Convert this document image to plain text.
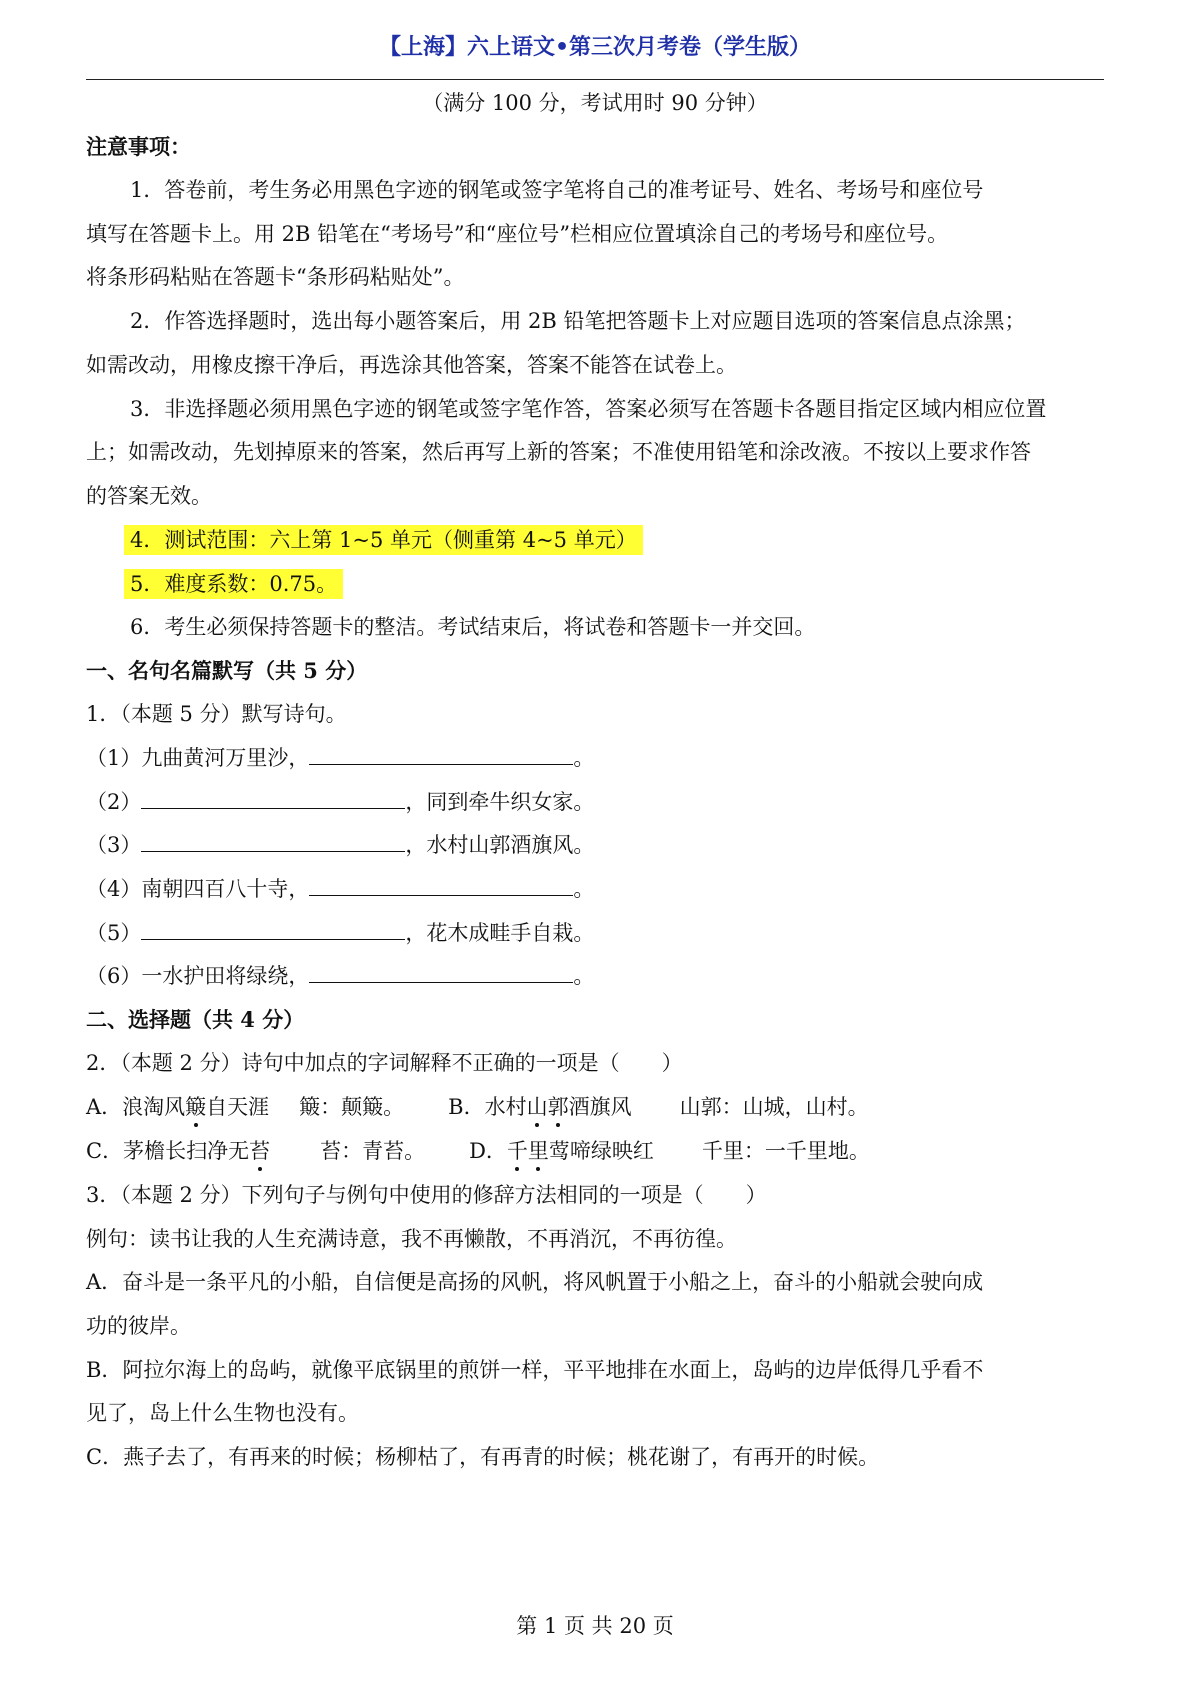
【上海】六上语文•第三次月考卷（学生版）
（满分 100 分，考试用时 90 分钟）
注意事项：
1．答卷前，考生务必用黑色字迹的钢笔或签字笔将自己的准考证号、姓名、考场号和座位号
填写在答题卡上。用 2B 铅笔在“考场号”和“座位号”栏相应位置填涂自己的考场号和座位号。
将条形码粘贴在答题卡“条形码粘贴处”。
2．作答选择题时，选出每小题答案后，用 2B 铅笔把答题卡上对应题目选项的答案信息点涂黑；
如需改动，用橡皮擦干净后，再选涂其他答案，答案不能答在试卷上。
3．非选择题必须用黑色字迹的钢笔或签字笔作答，答案必须写在答题卡各题目指定区域内相应位置
上；如需改动，先划掉原来的答案，然后再写上新的答案；不准使用铅笔和涂改液。不按以上要求作答
的答案无效。
4．测试范围：六上第 1~5 单元（侧重第 4~5 单元）
5．难度系数：0.75。
6．考生必须保持答题卡的整洁。考试结束后，将试卷和答题卡一并交回。
一、名句名篇默写（共 5 分）
1．（本题 5 分）默写诗句。
（1）九曲黄河万里沙，	。
（2）	，同到牵牛织女家。
（3）	，水村山郭酒旗风。
（4）南朝四百八十寺，	。
（5）	，花木成畦手自栽。
（6）一水护田将绿绕，	。
二、选择题（共 4 分）
2．（本题 2 分）诗句中加点的字词解释不正确的一项是（　　）
A．浪淘风簸自天涯 簸：颠簸。 B．水村山郭酒旗风 山郭：山城，山村。
C．茅檐长扫净无苔 苔：青苔。 D．千里莺啼绿映红 千里：一千里地。
3．（本题 2 分）下列句子与例句中使用的修辞方法相同的一项是（　　）
例句：读书让我的人生充满诗意，我不再懒散，不再消沉，不再彷徨。
A．奋斗是一条平凡的小船，自信便是高扬的风帆，将风帆置于小船之上，奋斗的小船就会驶向成
功的彼岸。
B．阿拉尔海上的岛屿，就像平底锅里的煎饼一样，平平地排在水面上，岛屿的边岸低得几乎看不
见了，岛上什么生物也没有。
C．燕子去了，有再来的时候；杨柳枯了，有再青的时候；桃花谢了，有再开的时候。
第 1 页 共 20 页
